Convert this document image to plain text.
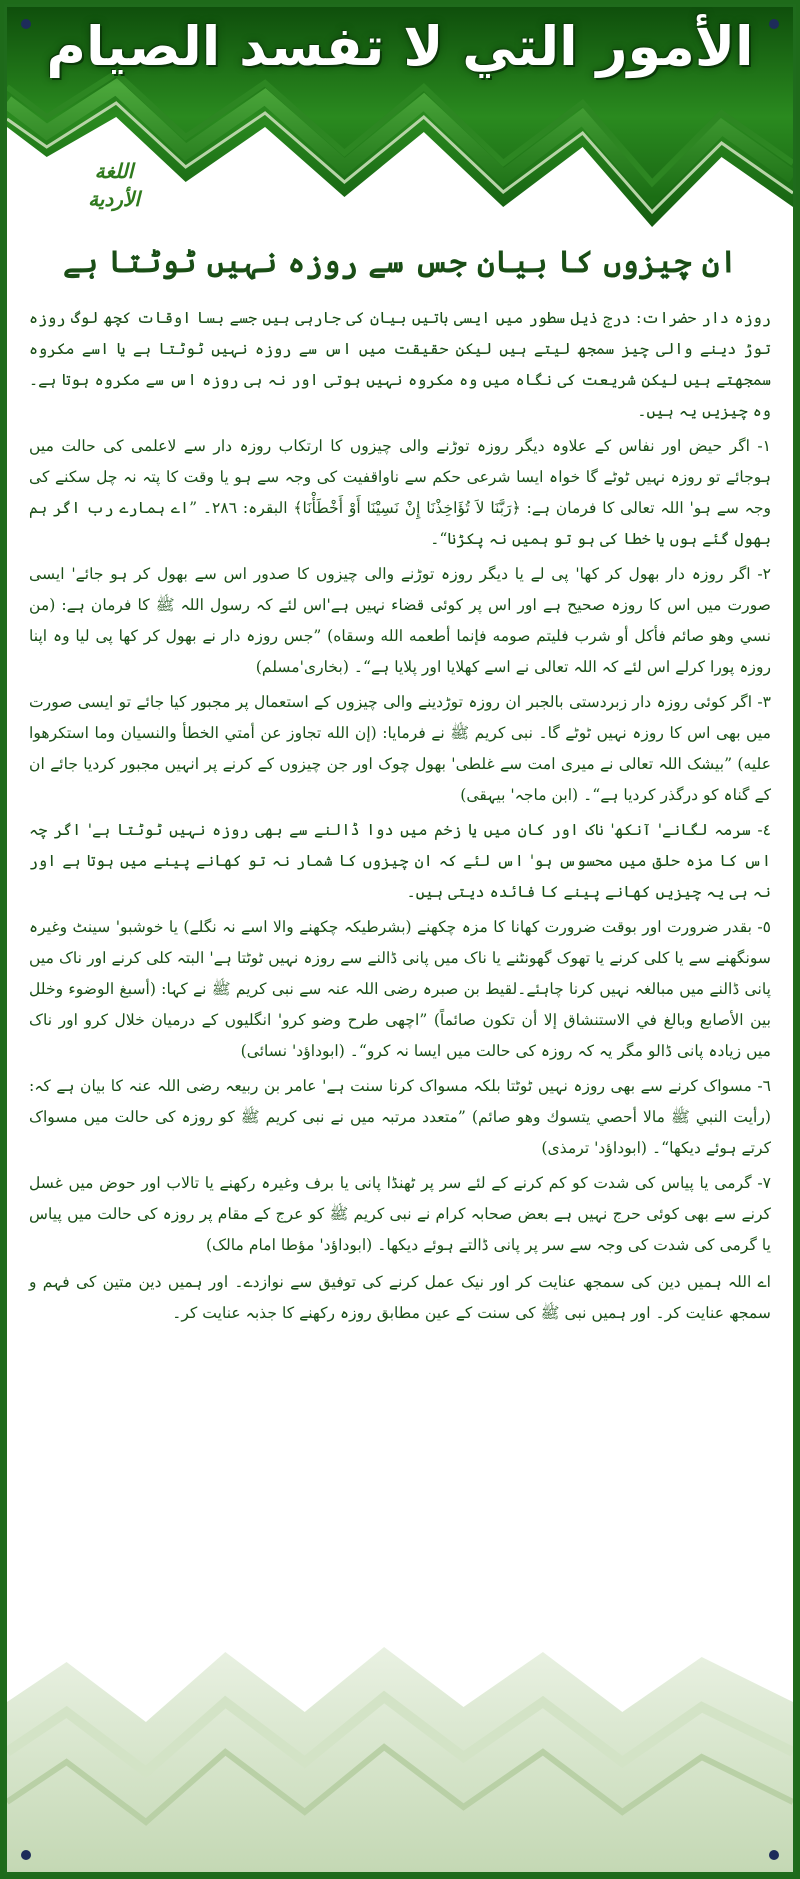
الأمور التي لا تفسد الصيام
اللغة
الأردية
ان چیزوں کا بیان جس سے روزہ نہیں ٹوٹتا ہے

روزہ دار حضرات: درج ذیل سطور میں ایسی باتیں بیان کی جارہی ہیں جسے بسا اوقات کچھ لوگ روزہ توڑ دینے والی چیز سمجھ لیتے ہیں لیکن حقیقت میں اس سے روزہ نہیں ٹوٹتا ہے یا اسے مکروہ سمجھتے ہیں لیکن شریعت کی نگاہ میں وہ مکروہ نہیں ہوتی اور نہ ہی روزہ اس سے مکروہ ہوتا ہے۔وہ چیزیں یہ ہیں۔

١- اگر حیض اور نفاس کے علاوہ دیگر روزہ توڑنے والی چیزوں کا ارتکاب روزہ دار سے لاعلمی کی حالت میں ہوجائے تو روزہ نہیں ٹوٹے گا خواہ ایسا شرعی حکم سے ناواقفیت کی وجہ سے ہو یا وقت کا پتہ نہ چل سکنے کی وجہ سے ہو' اللہ تعالی کا فرمان ہے: ﴿رَبَّنَا لاَ تُؤَاخِذْنَا إِنْ نَسِيْنَا أَوْ أَخْطَأْنَا﴾ البقرہ: ٢٨٦۔ ”اے ہمارے رب اگر ہم بھول گئے ہوں یا خطا کی ہو تو ہمیں نہ پکڑنا“۔

٢- اگر روزہ دار بھول کر کھا' پی لے یا دیگر روزہ توڑنے والی چیزوں کا صدور اس سے بھول کر ہو جائے' ایسی صورت میں اس کا روزہ صحیح ہے اور اس پر کوئی قضاء نہیں ہے'اس لئے کہ رسول اللہ ﷺ کا فرمان ہے: (من نسي وهو صائم فأكل أو شرب فليتم صومه فإنما أطعمه الله وسقاه) ”جس روزہ دار نے بھول کر کھا پی لیا وہ اپنا روزہ پورا کرلے اس لئے کہ اللہ تعالی نے اسے کھلایا اور پلایا ہے“۔ (بخاری'مسلم)

٣- اگر کوئی روزہ دار زبردستی بالجبر ان روزہ توڑدینے والی چیزوں کے استعمال پر مجبور کیا جائے تو ایسی صورت میں بھی اس کا روزہ نہیں ٹوٹے گا۔ نبی کریم ﷺ نے فرمایا: (إن الله تجاوز عن أمتي الخطأ والنسيان وما استكرهوا عليه) ”بیشک اللہ تعالی نے میری امت سے غلطی' بھول چوک اور جن چیزوں کے کرنے پر انہیں مجبور کردیا جائے ان کے گناہ کو درگذر کردیا ہے“۔ (ابن ماجہ' بیہقی)

٤- سرمہ لگانے' آنکھ' ناک اور کان میں یا زخم میں دوا ڈالنے سے بھی روزہ نہیں ٹوٹتا ہے' اگر چہ اس کا مزہ حلق میں محسوس ہو' اس لئے کہ ان چیزوں کا شمار نہ تو کھانے پینے میں ہوتا ہے اور نہ ہی یہ چیزیں کھانے پینے کا فائدہ دیتی ہیں۔

٥- بقدر ضرورت اور بوقت ضرورت کھانا کا مزہ چکھنے (بشرطیکہ چکھنے والا اسے نہ نگلے) یا خوشبو' سینٹ وغیرہ سونگھنے سے یا کلی کرنے یا تھوک گھونٹنے یا ناک میں پانی ڈالنے سے روزہ نہیں ٹوٹتا ہے' البتہ کلی کرنے اور ناک میں پانی ڈالنے میں مبالغہ نہیں کرنا چاہئے۔لقیط بن صبرہ رضی اللہ عنہ سے نبی کریم ﷺ نے کہا: (أسبغ الوضوء وخلل بين الأصابع وبالغ في الاستنشاق إلا أن تكون صائماً) ”اچھی طرح وضو کرو' انگلیوں کے درمیان خلال کرو اور ناک میں زیادہ پانی ڈالو مگر یہ کہ روزہ کی حالت میں ایسا نہ کرو“۔ (ابوداؤد' نسائی)

٦- مسواک کرنے سے بھی روزہ نہیں ٹوٹتا بلکہ مسواک کرنا سنت ہے' عامر بن ربیعہ رضی اللہ عنہ کا بیان ہے کہ: (رأيت النبي ﷺ مالا أحصي يتسوك وهو صائم) ”متعدد مرتبہ میں نے نبی کریم ﷺ کو روزہ کی حالت میں مسواک کرتے ہوئے دیکھا“۔ (ابوداؤد' ترمذی)

٧- گرمی یا پیاس کی شدت کو کم کرنے کے لئے سر پر ٹھنڈا پانی یا برف وغیرہ رکھنے یا تالاب اور حوض میں غسل کرنے سے بھی کوئی حرج نہیں ہے بعض صحابہ کرام نے نبی کریم ﷺ کو عرج کے مقام پر روزہ کی حالت میں پیاس یا گرمی کی شدت کی وجہ سے سر پر پانی ڈالتے ہوئے دیکھا۔ (ابوداؤد' مؤطا امام مالک)

اے اللہ ہمیں دین کی سمجھ عنایت کر اور نیک عمل کرنے کی توفیق سے نوازدے۔ اور ہمیں دین متین کی فہم و سمجھ عنایت کر۔ اور ہمیں نبی ﷺ کی سنت کے عین مطابق روزہ رکھنے کا جذبہ عنایت کر۔
